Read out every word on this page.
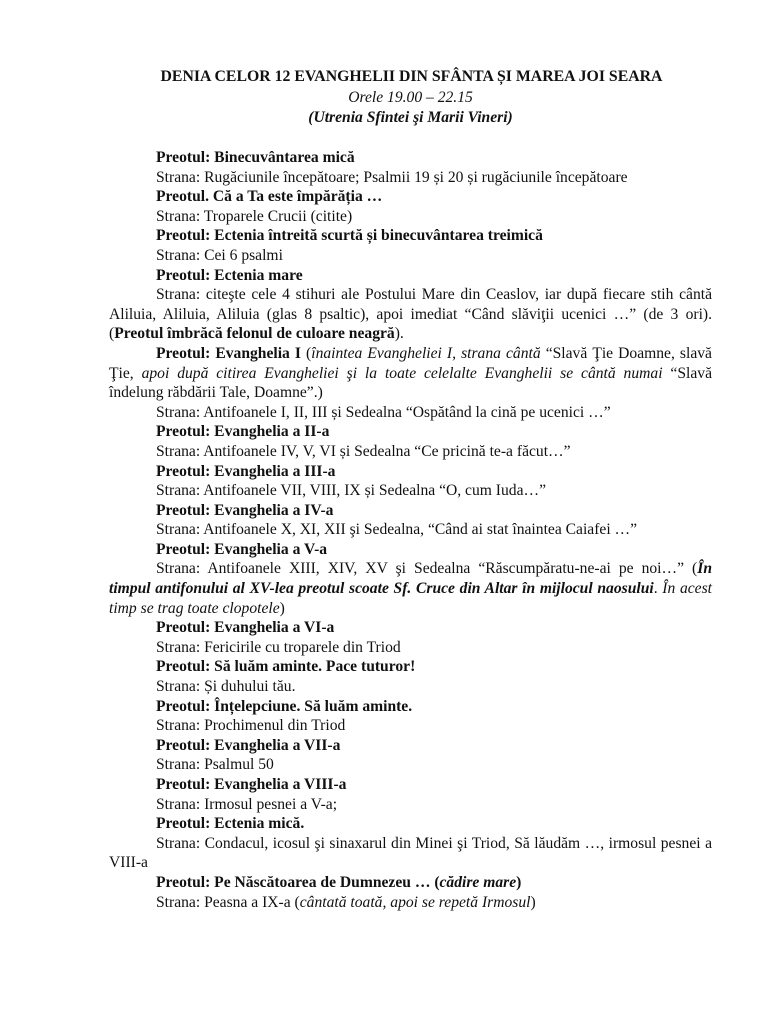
DENIA CELOR 12 EVANGHELII DIN SFÂNTA ȘI MAREA JOI SEARA
Orele 19.00 – 22.15
(Utrenia Sfintei şi Marii Vineri)
Preotul: Binecuvântarea mică
Strana: Rugăciunile începătoare; Psalmii 19 și 20 și rugăciunile începătoare
Preotul. Că a Ta este împărăția …
Strana: Troparele Crucii (citite)
Preotul: Ectenia întreită scurtă și binecuvântarea treimică
Strana: Cei 6 psalmi
Preotul: Ectenia mare
Strana: citeşte cele 4 stihuri ale Postului Mare din Ceaslov, iar după fiecare stih cântă Aliluia, Aliluia, Aliluia (glas 8 psaltic), apoi imediat “Când slăviţii ucenici …” (de 3 ori). (Preotul îmbrăcă felonul de culoare neagră).
Preotul: Evanghelia I (înaintea Evangheliei I, strana cântă “Slavă Ţie Doamne, slavă Ţie, apoi după citirea Evangheliei şi la toate celelalte Evanghelii se cântă numai “Slavă îndelung răbdării Tale, Doamne”.)
Strana: Antifoanele I, II, III și Sedealna “Ospătând la cină pe ucenici …”
Preotul: Evanghelia a II-a
Strana: Antifoanele IV, V, VI și Sedealna “Ce pricină te-a făcut…”
Preotul: Evanghelia a III-a
Strana: Antifoanele VII, VIII, IX și Sedealna “O, cum Iuda…”
Preotul: Evanghelia a IV-a
Strana: Antifoanele X, XI, XII şi Sedealna, “Când ai stat înaintea Caiafei …”
Preotul: Evanghelia a V-a
Strana: Antifoanele XIII, XIV, XV şi Sedealna “Răscumpăratu-ne-ai pe noi…” (În timpul antifonului al XV-lea preotul scoate Sf. Cruce din Altar în mijlocul naosului. În acest timp se trag toate clopotele)
Preotul: Evanghelia a VI-a
Strana: Fericirile cu troparele din Triod
Preotul: Să luăm aminte. Pace tuturor!
Strana: Și duhului tău.
Preotul: Înțelepciune. Să luăm aminte.
Strana: Prochimenul din Triod
Preotul: Evanghelia a VII-a
Strana: Psalmul 50
Preotul: Evanghelia a VIII-a
Strana: Irmosul pesnei a V-a;
Preotul: Ectenia mică.
Strana: Condacul, icosul şi sinaxarul din Minei şi Triod, Să lăudăm …, irmosul pesnei a VIII-a
Preotul: Pe Născătoarea de Dumnezeu … (cădire mare)
Strana: Peasna a IX-a (cântată toată, apoi se repetă Irmosul)
